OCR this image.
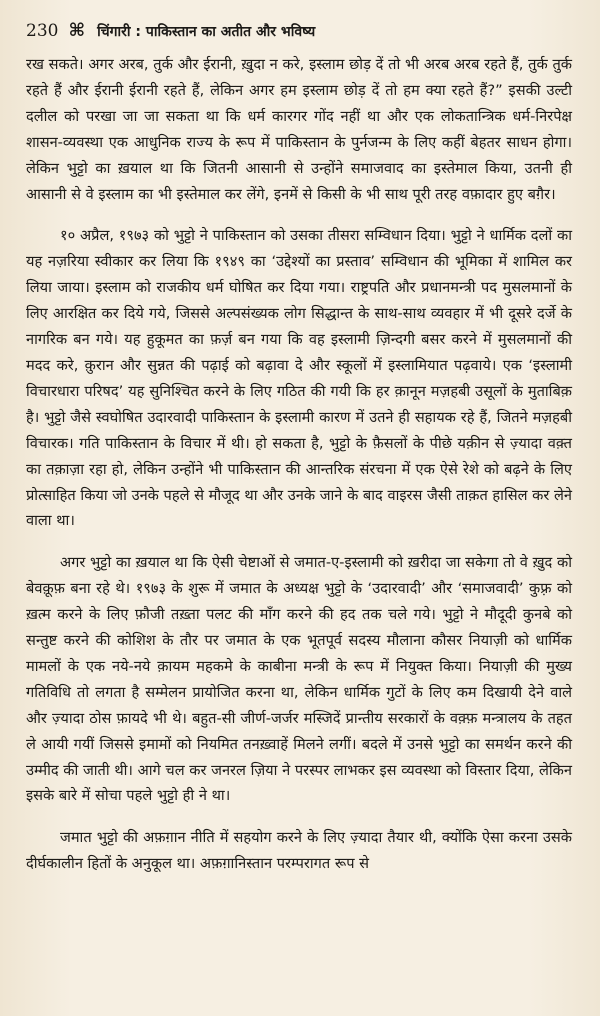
230 ⌘ चिंगारी : पाकिस्तान का अतीत और भविष्य

रख सकते। अगर अरब, तुर्क और ईरानी, ख़ुदा न करे, इस्लाम छोड़ दें तो भी अरब अरब रहते हैं, तुर्क तुर्क रहते हैं और ईरानी ईरानी रहते हैं, लेकिन अगर हम इस्लाम छोड़ दें तो हम क्या रहते हैं?” इसकी उल्टी दलील को परखा जा जा सकता था कि धर्म कारगर गोंद नहीं था और एक लोकतान्त्रिक धर्म-निरपेक्ष शासन-व्यवस्था एक आधुनिक राज्य के रूप में पाकिस्तान के पुर्नजन्म के लिए कहीं बेहतर साधन होगा। लेकिन भुट्टो का ख़याल था कि जितनी आसानी से उन्होंने समाजवाद का इस्तेमाल किया, उतनी ही आसानी से वे इस्लाम का भी इस्तेमाल कर लेंगे, इनमें से किसी के भी साथ पूरी तरह वफ़ादार हुए बग़ैर।

१० अप्रैल, १९७३ को भुट्टो ने पाकिस्तान को उसका तीसरा सम्विधान दिया। भुट्टो ने धार्मिक दलों का यह नज़रिया स्वीकार कर लिया कि १९४९ का ‘उद्देश्यों का प्रस्ताव’ सम्विधान की भूमिका में शामिल कर लिया जाया। इस्लाम को राजकीय धर्म घोषित कर दिया गया। राष्ट्रपति और प्रधानमन्त्री पद मुसलमानों के लिए आरक्षित कर दिये गये, जिससे अल्पसंख्यक लोग सिद्धान्त के साथ-साथ व्यवहार में भी दूसरे दर्जे के नागरिक बन गये। यह हुकूमत का फ़र्ज़ बन गया कि वह इस्लामी ज़िन्दगी बसर करने में मुसलमानों की मदद करे, क़ुरान और सुन्नत की पढ़ाई को बढ़ावा दे और स्कूलों में इस्लामियात पढ़वाये। एक ‘इस्लामी विचारधारा परिषद’ यह सुनिश्चित करने के लिए गठित की गयी कि हर क़ानून मज़हबी उसूलों के मुताबिक़ है। भुट्टो जैसे स्वघोषित उदारवादी पाकिस्तान के इस्लामी कारण में उतने ही सहायक रहे हैं, जितने मज़हबी विचारक। गति पाकिस्तान के विचार में थी। हो सकता है, भुट्टो के फ़ैसलों के पीछे यक़ीन से ज़्यादा वक़्त का तक़ाज़ा रहा हो, लेकिन उन्होंने भी पाकिस्तान की आन्तरिक संरचना में एक ऐसे रेशे को बढ़ने के लिए प्रोत्साहित किया जो उनके पहले से मौजूद था और उनके जाने के बाद वाइरस जैसी ताक़त हासिल कर लेने वाला था।

अगर भुट्टो का ख़याल था कि ऐसी चेष्टाओं से जमात-ए-इस्लामी को ख़रीदा जा सकेगा तो वे ख़ुद को बेवक़ूफ़ बना रहे थे। १९७३ के शुरू में जमात के अध्यक्ष भुट्टो के ‘उदारवादी’ और ‘समाजवादी’ कुफ़्र को ख़त्म करने के लिए फ़ौजी तख़्ता पलट की माँग करने की हद तक चले गये। भुट्टो ने मौदूदी कुनबे को सन्तुष्ट करने की कोशिश के तौर पर जमात के एक भूतपूर्व सदस्य मौलाना कौसर नियाज़ी को धार्मिक मामलों के एक नये-नये क़ायम महकमे के काबीना मन्त्री के रूप में नियुक्त किया। नियाज़ी की मुख्य गतिविधि तो लगता है सम्मेलन प्रायोजित करना था, लेकिन धार्मिक गुटों के लिए कम दिखायी देने वाले और ज़्यादा ठोस फ़ायदे भी थे। बहुत-सी जीर्ण-जर्जर मस्जिदें प्रान्तीय सरकारों के वक़्फ़ मन्त्रालय के तहत ले आयी गयीं जिससे इमामों को नियमित तनख़्वाहें मिलने लगीं। बदले में उनसे भुट्टो का समर्थन करने की उम्मीद की जाती थी। आगे चल कर जनरल ज़िया ने परस्पर लाभकर इस व्यवस्था को विस्तार दिया, लेकिन इसके बारे में सोचा पहले भुट्टो ही ने था।

जमात भुट्टो की अफ़ग़ान नीति में सहयोग करने के लिए ज़्यादा तैयार थी, क्योंकि ऐसा करना उसके दीर्घकालीन हितों के अनुकूल था। अफ़ग़ानिस्तान परम्परागत रूप से
